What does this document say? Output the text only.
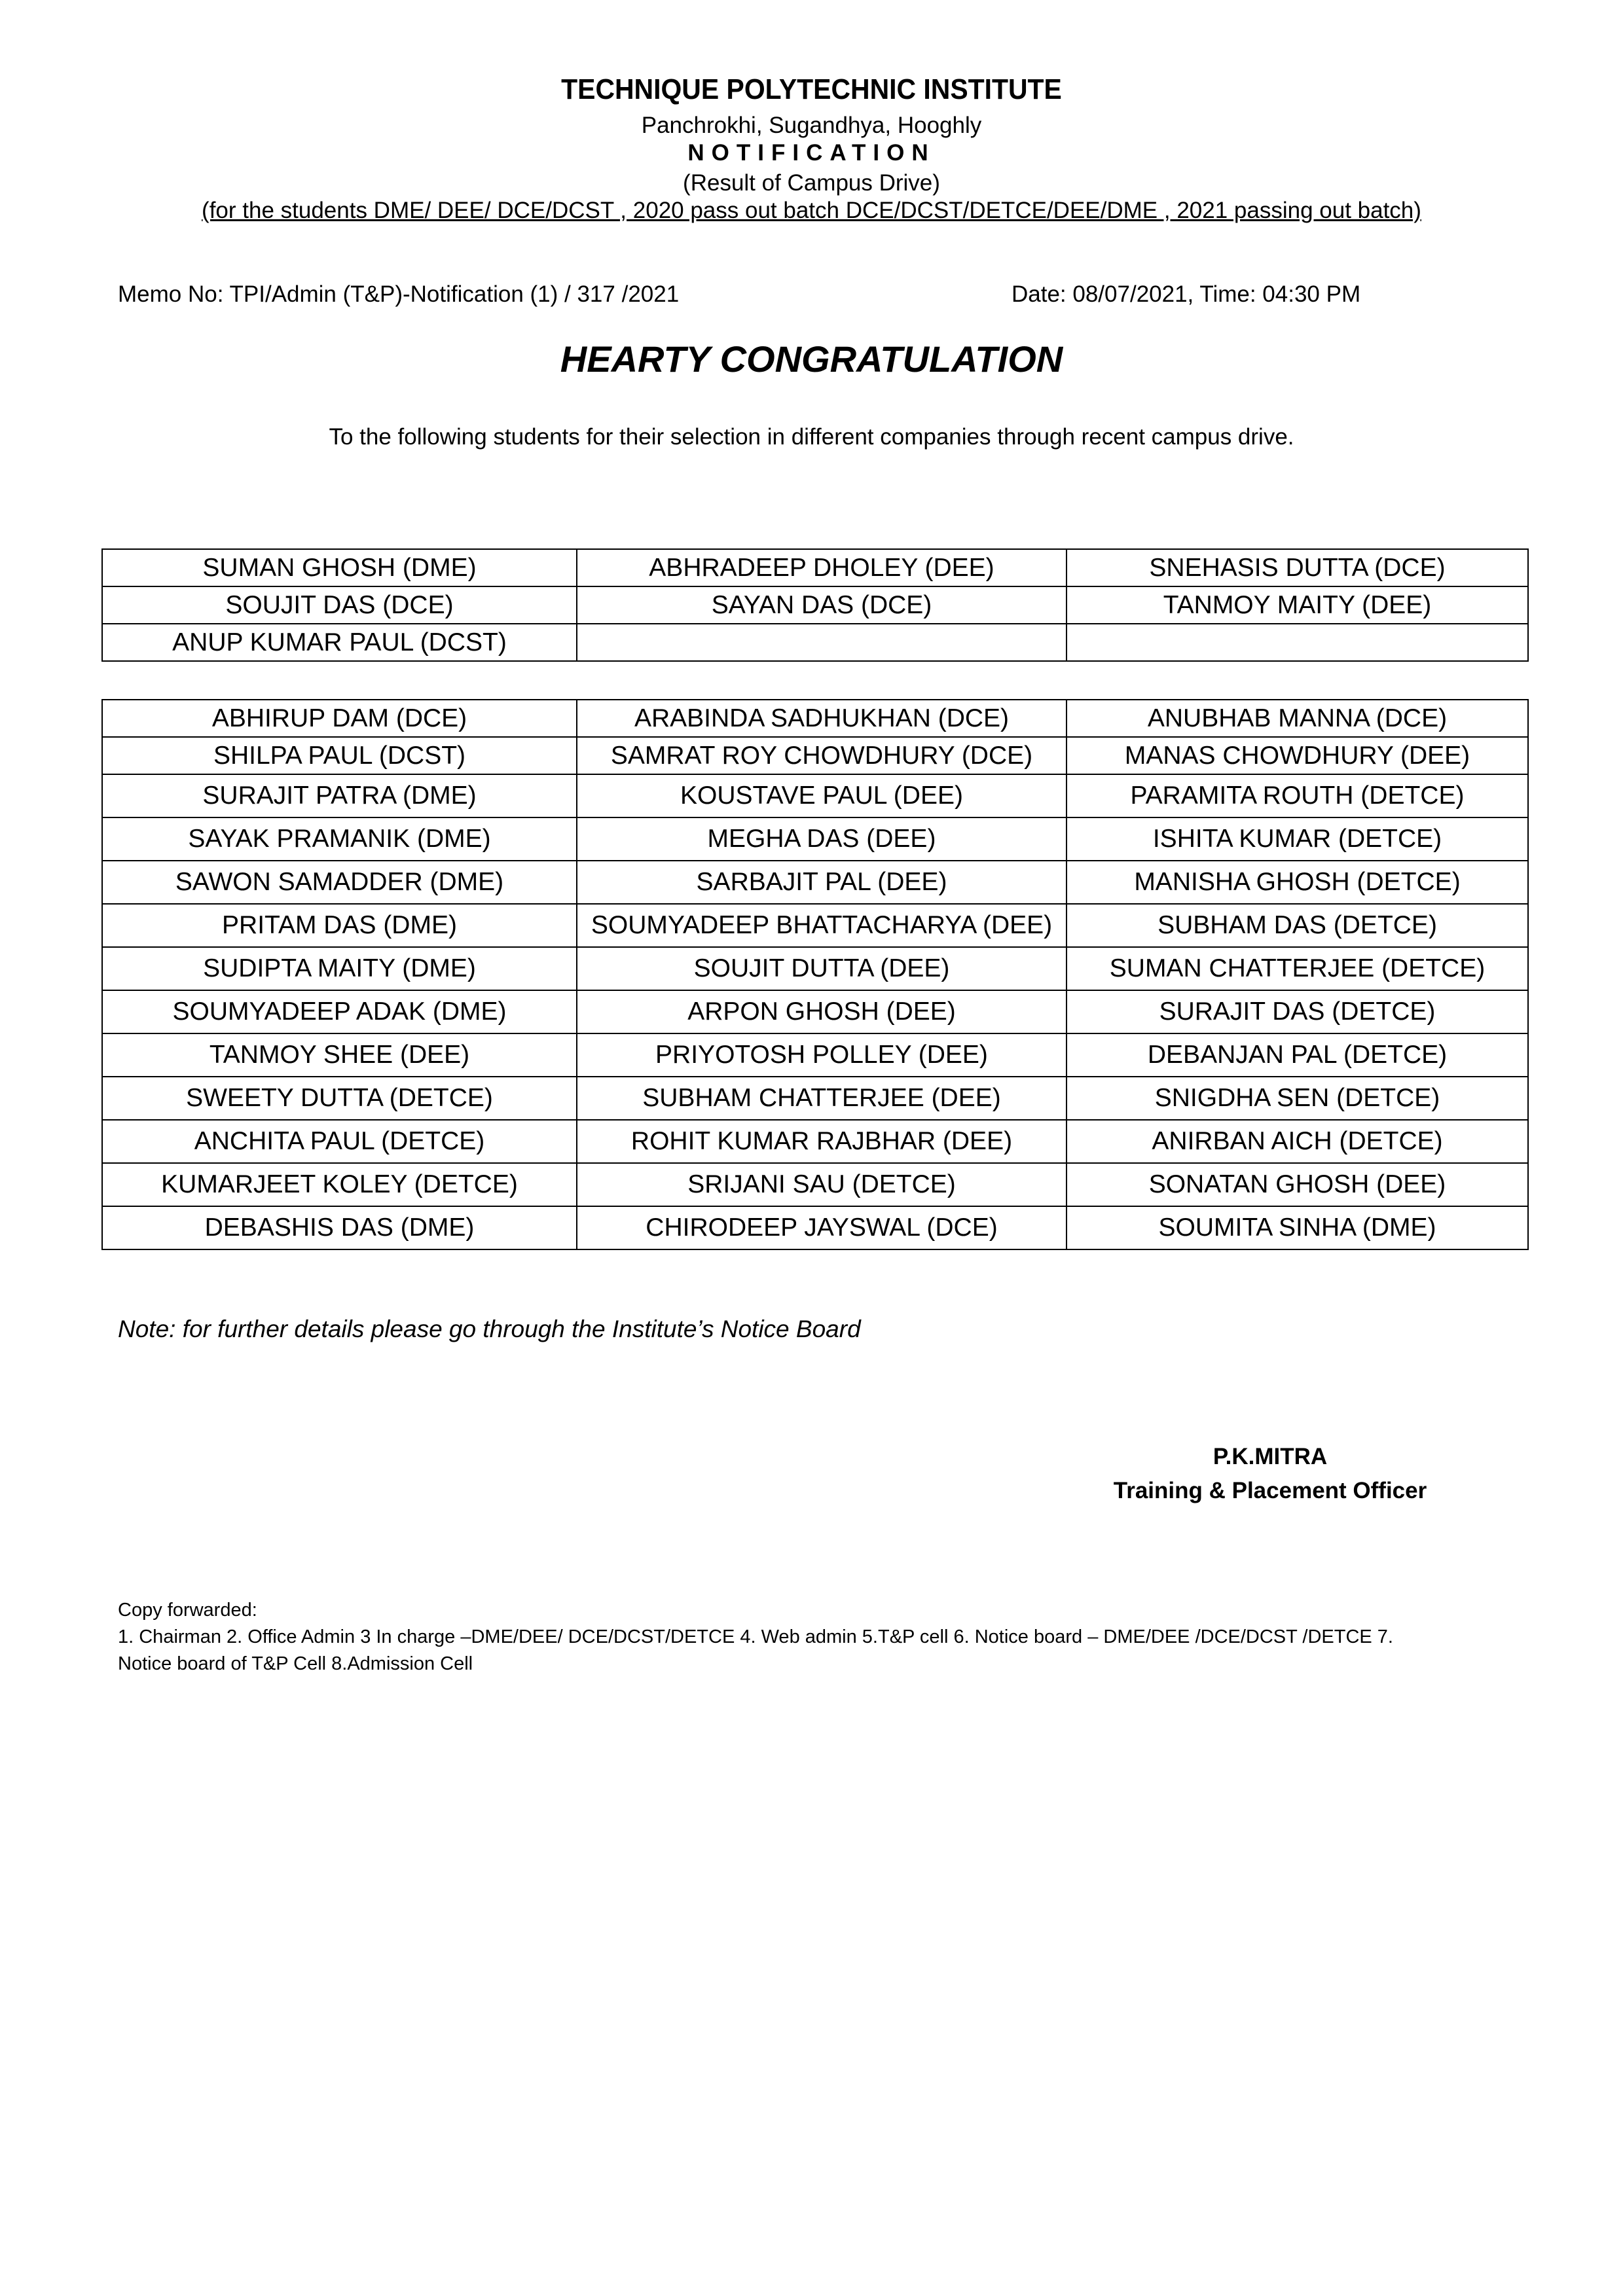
TECHNIQUE POLYTECHNIC INSTITUTE
Panchrokhi, Sugandhya, Hooghly
NOTIFICATION
(Result of Campus Drive)
(for the students DME/ DEE/ DCE/DCST , 2020 pass out batch DCE/DCST/DETCE/DEE/DME , 2021 passing out batch)
Memo No: TPI/Admin (T&P)-Notification (1) / 317 /2021	Date: 08/07/2021, Time: 04:30 PM
HEARTY CONGRATULATION
To the following students for their selection in different companies through recent campus drive.
SUMAN GHOSH (DME)	ABHRADEEP DHOLEY (DEE)	SNEHASIS DUTTA (DCE)
SOUJIT DAS (DCE)	SAYAN DAS (DCE)	TANMOY MAITY (DEE)
ANUP KUMAR PAUL (DCST)		
ABHIRUP DAM (DCE)	ARABINDA SADHUKHAN (DCE)	ANUBHAB MANNA (DCE)
SHILPA PAUL (DCST)	SAMRAT ROY CHOWDHURY (DCE)	MANAS CHOWDHURY (DEE)
SURAJIT PATRA (DME)	KOUSTAVE PAUL (DEE)	PARAMITA ROUTH (DETCE)
SAYAK PRAMANIK (DME)	MEGHA DAS (DEE)	ISHITA KUMAR (DETCE)
SAWON SAMADDER (DME)	SARBAJIT PAL (DEE)	MANISHA GHOSH (DETCE)
PRITAM DAS (DME)	SOUMYADEEP BHATTACHARYA (DEE)	SUBHAM DAS (DETCE)
SUDIPTA MAITY (DME)	SOUJIT DUTTA (DEE)	SUMAN CHATTERJEE (DETCE)
SOUMYADEEP ADAK (DME)	ARPON GHOSH (DEE)	SURAJIT DAS (DETCE)
TANMOY SHEE (DEE)	PRIYOTOSH POLLEY (DEE)	DEBANJAN PAL (DETCE)
SWEETY DUTTA (DETCE)	SUBHAM CHATTERJEE (DEE)	SNIGDHA SEN (DETCE)
ANCHITA PAUL (DETCE)	ROHIT KUMAR RAJBHAR (DEE)	ANIRBAN AICH (DETCE)
KUMARJEET KOLEY (DETCE)	SRIJANI SAU (DETCE)	SONATAN GHOSH (DEE)
DEBASHIS DAS (DME)	CHIRODEEP JAYSWAL (DCE)	SOUMITA SINHA (DME)
Note: for further details please go through the Institute’s Notice Board
P.K.MITRA
Training & Placement Officer
Copy forwarded:
1. Chairman 2. Office Admin 3 In charge –DME/DEE/ DCE/DCST/DETCE 4. Web admin 5.T&P cell 6. Notice board – DME/DEE /DCE/DCST /DETCE 7.
Notice board of T&P Cell 8.Admission Cell
